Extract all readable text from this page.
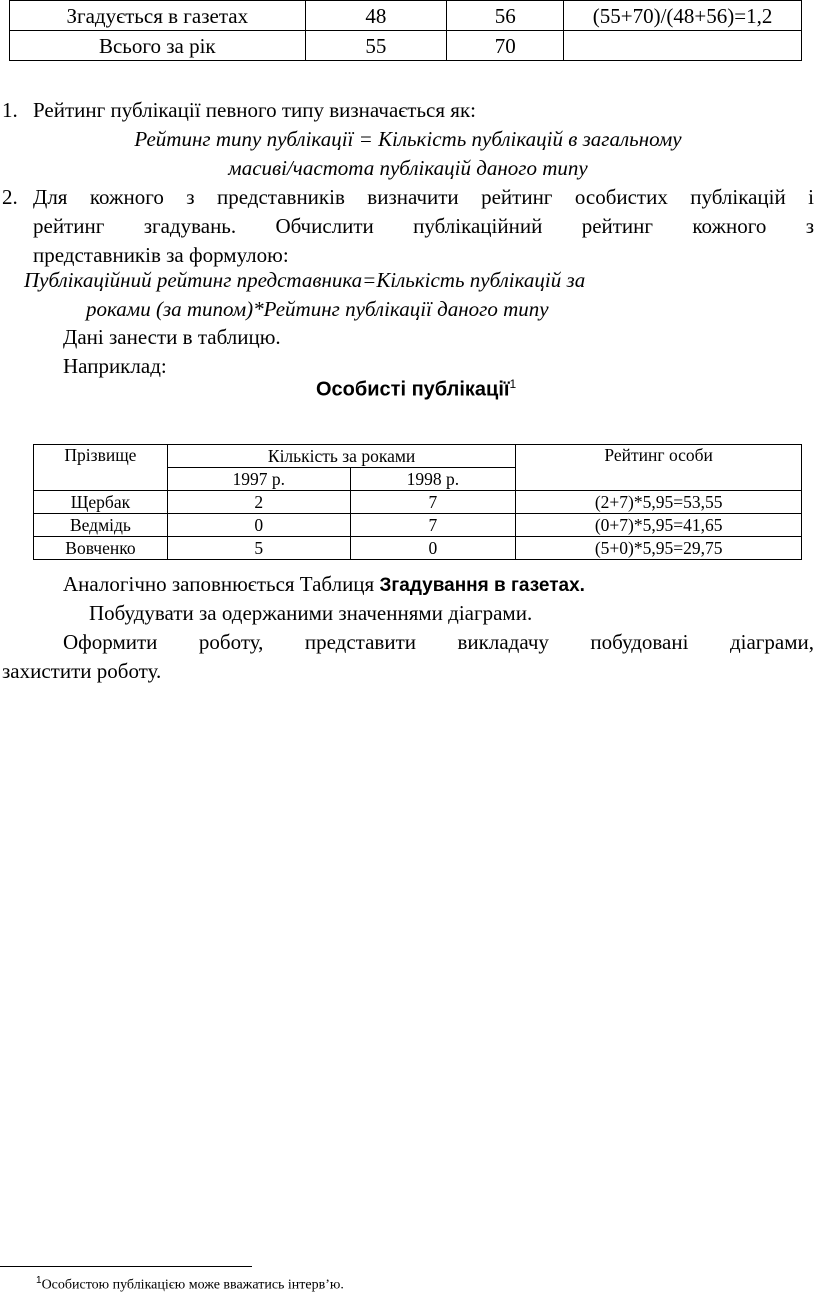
Згадується в газетах	48	56	(55+70)/(48+56)=1,2
Всього за рік	55	70	
1. Рейтинг публікації певного типу визначається як:
Рейтинг типу публікації = Кількість публікацій в загальному
масиві/частота публікацій даного типу
2. Для кожного з представників визначити рейтинг особистих публікацій і
рейтинг згадувань. Обчислити публікаційний рейтинг кожного з
представників за формулою:
Публікаційний рейтинг представника=Кількість публікацій за
роками (за типом)*Рейтинг публікації даного типу
Дані занести в таблицю.
Наприклад:
Особисті публікації$^1$
Прізвище	Кількість за роками		Рейтинг особи
	1997 р.	1998 р.	
Щербак	2	7	(2+7)*5,95=53,55
Ведмідь	0	7	(0+7)*5,95=41,65
Вовченко	5	0	(5+0)*5,95=29,75
Аналогічно заповнюється Таблиця Згадування в газетах.
Побудувати за одержаними значеннями діаграми.
Оформити роботу, представити викладачу побудовані діаграми,
захистити роботу.
$^1$Особистою публікацією може вважатись інтерв’ю.
